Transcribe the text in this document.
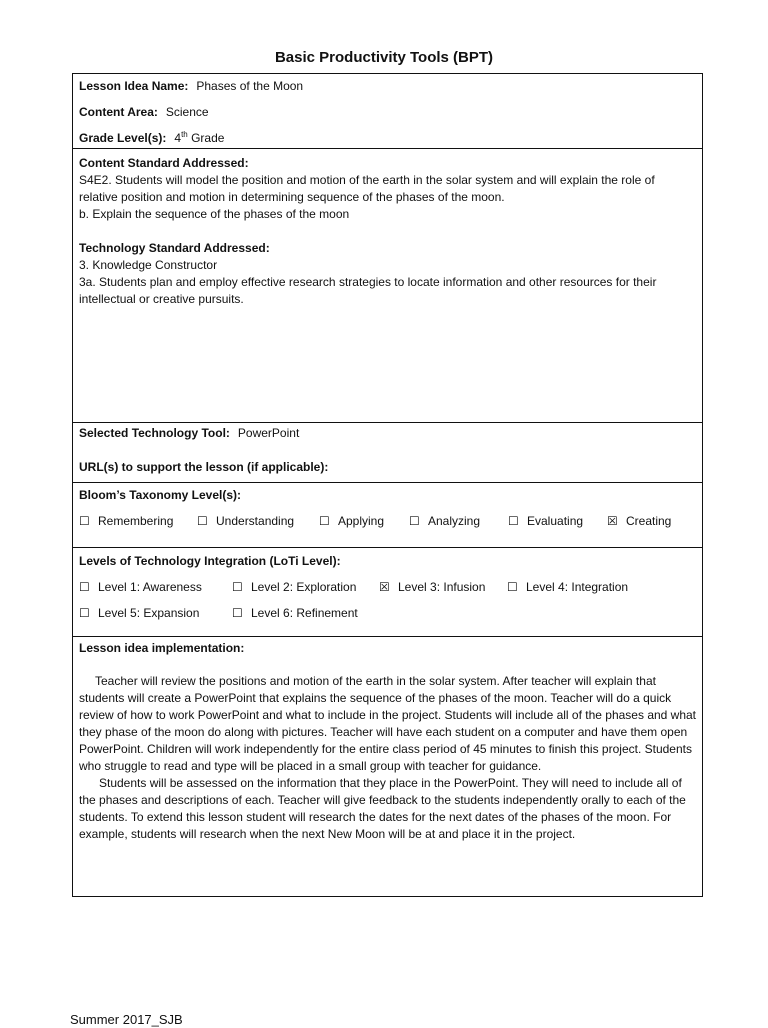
Basic Productivity Tools (BPT)
Lesson Idea Name: Phases of the Moon
Content Area: Science
Grade Level(s): 4th Grade
Content Standard Addressed:
S4E2. Students will model the position and motion of the earth in the solar system and will explain the role of relative position and motion in determining sequence of the phases of the moon.
b. Explain the sequence of the phases of the moon
Technology Standard Addressed:
3. Knowledge Constructor
3a. Students plan and employ effective research strategies to locate information and other resources for their intellectual or creative pursuits.
Selected Technology Tool: PowerPoint
URL(s) to support the lesson (if applicable):
Bloom’s Taxonomy Level(s):
☐ Remembering ☐ Understanding ☐ Applying ☐ Analyzing ☐ Evaluating ☒ Creating
Levels of Technology Integration (LoTi Level):
☐ Level 1: Awareness	☐ Level 2: Exploration ☒ Level 3: Infusion ☐ Level 4: Integration
☐ Level 5: Expansion	☐ Level 6: Refinement
Lesson idea implementation:

Teacher will review the positions and motion of the earth in the solar system. After teacher will explain that students will create a PowerPoint that explains the sequence of the phases of the moon. Teacher will do a quick review of how to work PowerPoint and what to include in the project. Students will include all of the phases and what they phase of the moon do along with pictures. Teacher will have each student on a computer and have them open PowerPoint. Children will work independently for the entire class period of 45 minutes to finish this project. Students who struggle to read and type will be placed in a small group with teacher for guidance.

Students will be assessed on the information that they place in the PowerPoint. They will need to include all of the phases and descriptions of each. Teacher will give feedback to the students independently orally to each of the students. To extend this lesson student will research the dates for the next dates of the phases of the moon. For example, students will research when the next New Moon will be at and place it in the project.

Summer 2017_SJB
